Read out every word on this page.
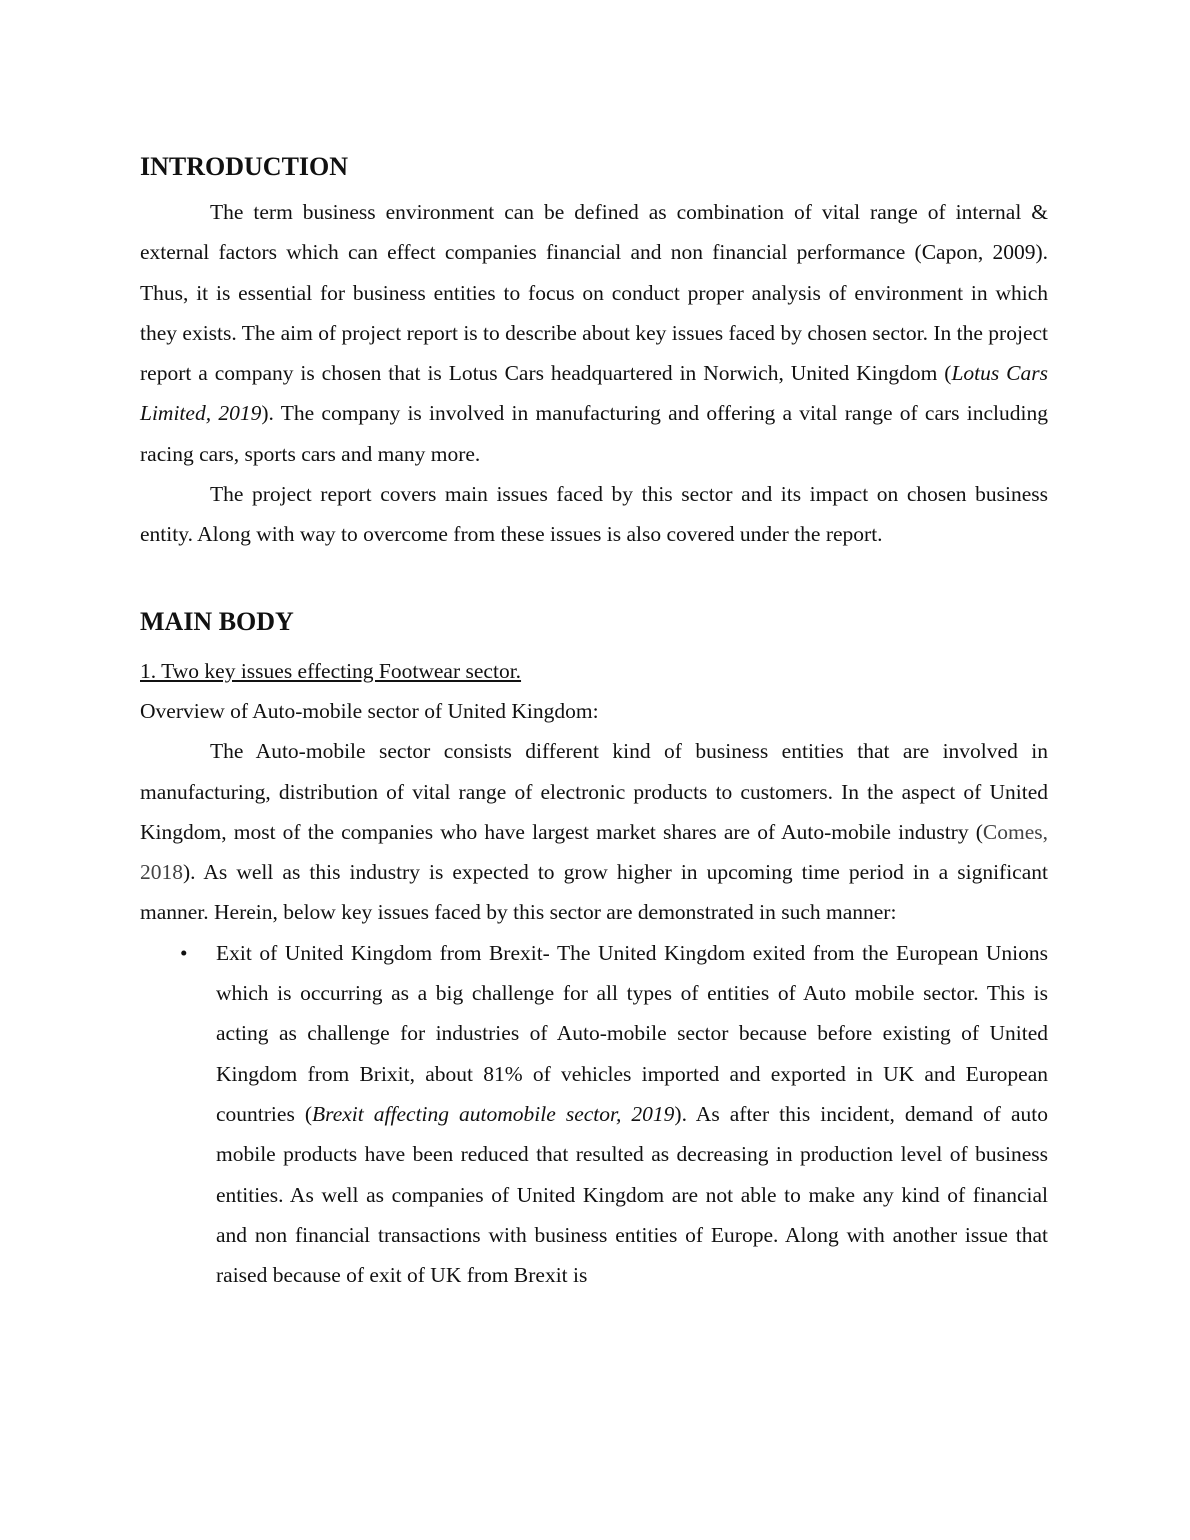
INTRODUCTION

The term business environment can be defined as combination of vital range of internal & external factors which can effect companies financial and non financial performance (Capon, 2009). Thus, it is essential for business entities to focus on conduct proper analysis of environment in which they exists. The aim of project report is to describe about key issues faced by chosen sector. In the project report a company is chosen that is Lotus Cars headquartered in Norwich, United Kingdom (Lotus Cars Limited, 2019). The company is involved in manufacturing and offering a vital range of cars including racing cars, sports cars and many more.

The project report covers main issues faced by this sector and its impact on chosen business entity. Along with way to overcome from these issues is also covered under the report.

MAIN BODY

1. Two key issues effecting Footwear sector.

Overview of Auto-mobile sector of United Kingdom:

The Auto-mobile sector consists different kind of business entities that are involved in manufacturing, distribution of vital range of electronic products to customers. In the aspect of United Kingdom, most of the companies who have largest market shares are of Auto-mobile industry (Comes, 2018). As well as this industry is expected to grow higher in upcoming time period in a significant manner. Herein, below key issues faced by this sector are demonstrated in such manner:

• Exit of United Kingdom from Brexit- The United Kingdom exited from the European Unions which is occurring as a big challenge for all types of entities of Auto mobile sector. This is acting as challenge for industries of Auto-mobile sector because before existing of United Kingdom from Brixit, about 81% of vehicles imported and exported in UK and European countries (Brexit affecting automobile sector, 2019). As after this incident, demand of auto mobile products have been reduced that resulted as decreasing in production level of business entities. As well as companies of United Kingdom are not able to make any kind of financial and non financial transactions with business entities of Europe. Along with another issue that raised because of exit of UK from Brexit is
